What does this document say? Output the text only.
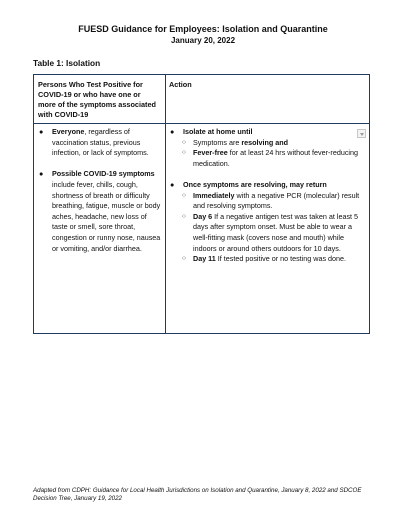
FUESD Guidance for Employees: Isolation and Quarantine
January 20, 2022
Table 1: Isolation
Persons Who Test Positive for COVID-19 or who have one or more of the symptoms associated with COVID-19
Action
● Everyone, regardless of vaccination status, previous infection, or lack of symptoms.
● Possible COVID-19 symptoms include fever, chills, cough, shortness of breath or difficulty breathing, fatigue, muscle or body aches, headache, new loss of taste or smell, sore throat, congestion or runny nose, nausea or vomiting, and/or diarrhea.
● Isolate at home until
○ Symptoms are resolving and
○ Fever-free for at least 24 hrs without fever-reducing medication.
● Once symptoms are resolving, may return
○ Immediately with a negative PCR (molecular) result and resolving symptoms.
○ Day 6 If a negative antigen test was taken at least 5 days after symptom onset. Must be able to wear a well-fitting mask (covers nose and mouth) while indoors or around others outdoors for 10 days.
○ Day 11 If tested positive or no testing was done.
Adapted from CDPH: Guidance for Local Health Jurisdictions on Isolation and Quarantine, January 8, 2022 and SDCOE Decision Tree, January 19, 2022
